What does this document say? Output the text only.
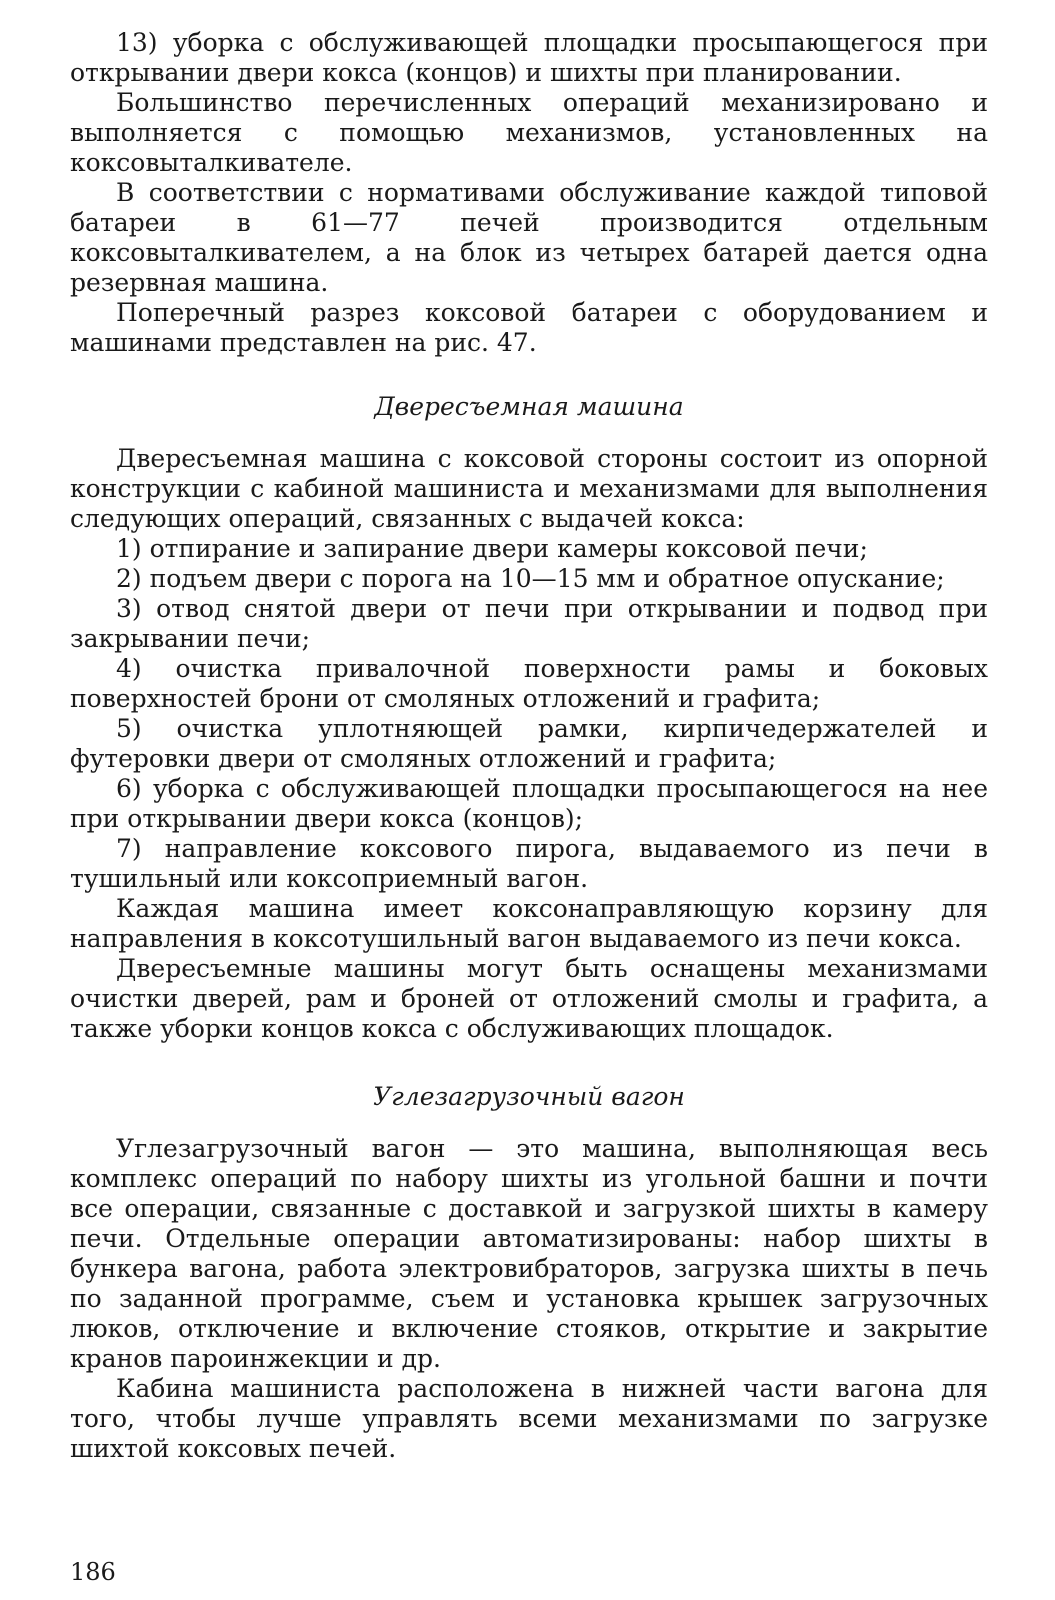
13) уборка с обслуживающей площадки просыпающегося при открывании двери кокса (концов) и шихты при планировании.

Большинство перечисленных операций механизировано и выполняется с помощью механизмов, установленных на коксовыталкивателе.

В соответствии с нормативами обслуживание каждой типовой батареи в 61—77 печей производится отдельным коксовыталкивателем, а на блок из четырех батарей дается одна резервная машина.

Поперечный разрез коксовой батареи с оборудованием и машинами представлен на рис. 47.

Двересъемная машина

Двересъемная машина с коксовой стороны состоит из опорной конструкции с кабиной машиниста и механизмами для выполнения следующих операций, связанных с выдачей кокса:

1) отпирание и запирание двери камеры коксовой печи;

2) подъем двери с порога на 10—15 мм и обратное опускание;

3) отвод снятой двери от печи при открывании и подвод при закрывании печи;

4) очистка привалочной поверхности рамы и боковых поверхностей брони от смоляных отложений и графита;

5) очистка уплотняющей рамки, кирпичедержателей и футеровки двери от смоляных отложений и графита;

6) уборка с обслуживающей площадки просыпающегося на нее при открывании двери кокса (концов);

7) направление коксового пирога, выдаваемого из печи в тушильный или коксоприемный вагон.

Каждая машина имеет коксонаправляющую корзину для направления в коксотушильный вагон выдаваемого из печи кокса.

Двересъемные машины могут быть оснащены механизмами очистки дверей, рам и броней от отложений смолы и графита, а также уборки концов кокса с обслуживающих площадок.

Углезагрузочный вагон

Углезагрузочный вагон — это машина, выполняющая весь комплекс операций по набору шихты из угольной башни и почти все операции, связанные с доставкой и загрузкой шихты в камеру печи. Отдельные операции автоматизированы: набор шихты в бункера вагона, работа электровибраторов, загрузка шихты в печь по заданной программе, съем и установка крышек загрузочных люков, отключение и включение стояков, открытие и закрытие кранов пароинжекции и др.

Кабина машиниста расположена в нижней части вагона для того, чтобы лучше управлять всеми механизмами по загрузке шихтой коксовых печей.

186
